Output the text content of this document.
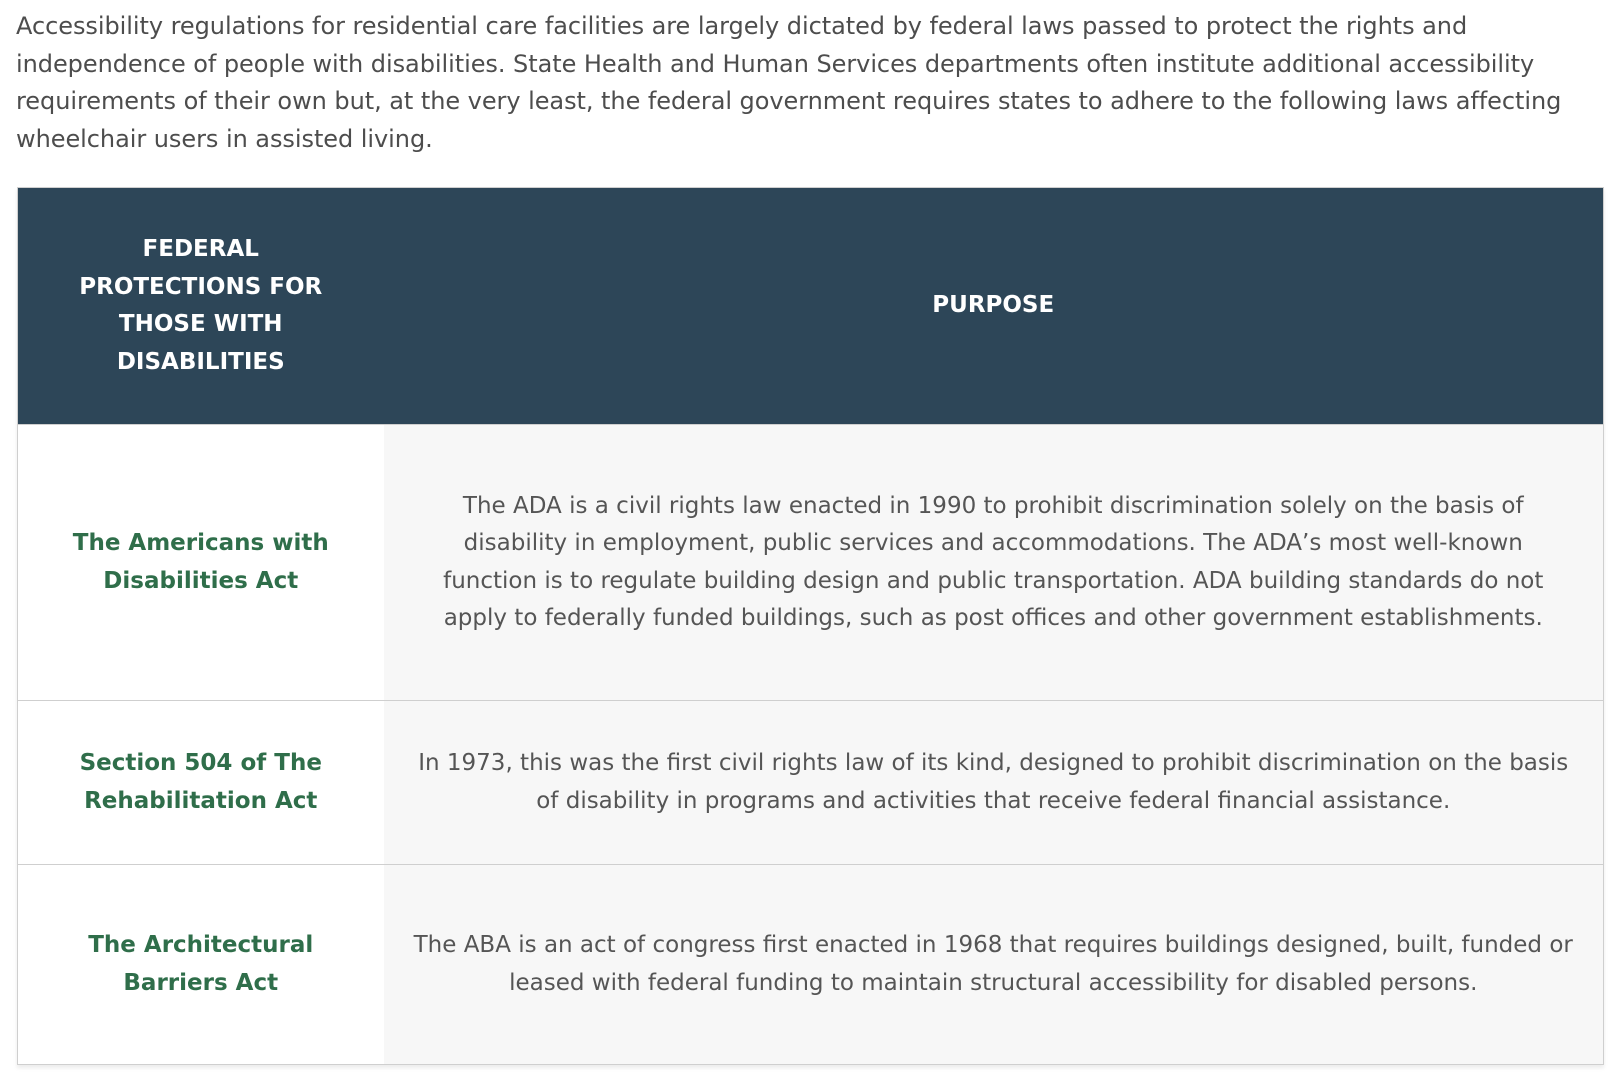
Accessibility regulations for residential care facilities are largely dictated by federal laws passed to protect the rights and independence of people with disabilities. State Health and Human Services departments often institute additional accessibility requirements of their own but, at the very least, the federal government requires states to adhere to the following laws affecting wheelchair users in assisted living.

FEDERAL PROTECTIONS FOR THOSE WITH DISABILITIES	PURPOSE
The Americans with Disabilities Act	The ADA is a civil rights law enacted in 1990 to prohibit discrimination solely on the basis of disability in employment, public services and accommodations. The ADA’s most well-known function is to regulate building design and public transportation. ADA building standards do not apply to federally funded buildings, such as post offices and other government establishments.
Section 504 of The Rehabilitation Act	In 1973, this was the first civil rights law of its kind, designed to prohibit discrimination on the basis of disability in programs and activities that receive federal financial assistance.
The Architectural Barriers Act	The ABA is an act of congress first enacted in 1968 that requires buildings designed, built, funded or leased with federal funding to maintain structural accessibility for disabled persons.
